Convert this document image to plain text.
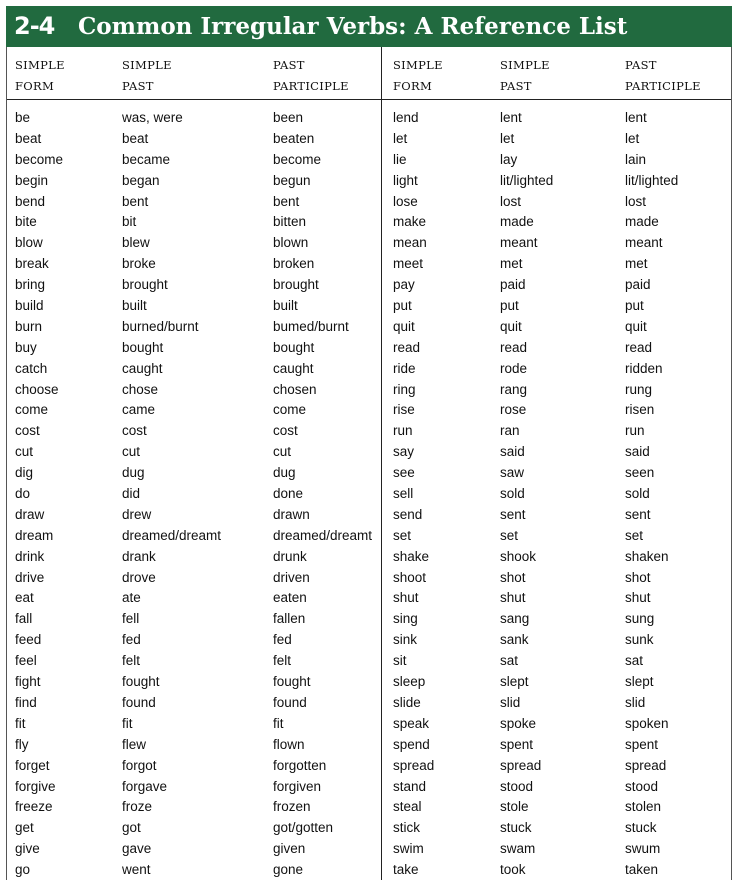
2-4 Common Irregular Verbs: A Reference List
SIMPLE
FORM
SIMPLE
PAST
PAST
PARTICIPLE
SIMPLE
FORM
SIMPLE
PAST
PAST
PARTICIPLE
be
beat
become
begin
bend
bite
blow
break
bring
build
burn
buy
catch
choose
come
cost
cut
dig
do
draw
dream
drink
drive
eat
fall
feed
feel
fight
find
fit
fly
forget
forgive
freeze
get
give
go
was, were
beat
became
began
bent
bit
blew
broke
brought
built
burned/burnt
bought
caught
chose
came
cost
cut
dug
did
drew
dreamed/dreamt
drank
drove
ate
fell
fed
felt
fought
found
fit
flew
forgot
forgave
froze
got
gave
went
been
beaten
become
begun
bent
bitten
blown
broken
brought
built
bumed/burnt
bought
caught
chosen
come
cost
cut
dug
done
drawn
dreamed/dreamt
drunk
driven
eaten
fallen
fed
felt
fought
found
fit
flown
forgotten
forgiven
frozen
got/gotten
given
gone
lend
let
lie
light
lose
make
mean
meet
pay
put
quit
read
ride
ring
rise
run
say
see
sell
send
set
shake
shoot
shut
sing
sink
sit
sleep
slide
speak
spend
spread
stand
steal
stick
swim
take
lent
let
lay
lit/lighted
lost
made
meant
met
paid
put
quit
read
rode
rang
rose
ran
said
saw
sold
sent
set
shook
shot
shut
sang
sank
sat
slept
slid
spoke
spent
spread
stood
stole
stuck
swam
took
lent
let
lain
lit/lighted
lost
made
meant
met
paid
put
quit
read
ridden
rung
risen
run
said
seen
sold
sent
set
shaken
shot
shut
sung
sunk
sat
slept
slid
spoken
spent
spread
stood
stolen
stuck
swum
taken
